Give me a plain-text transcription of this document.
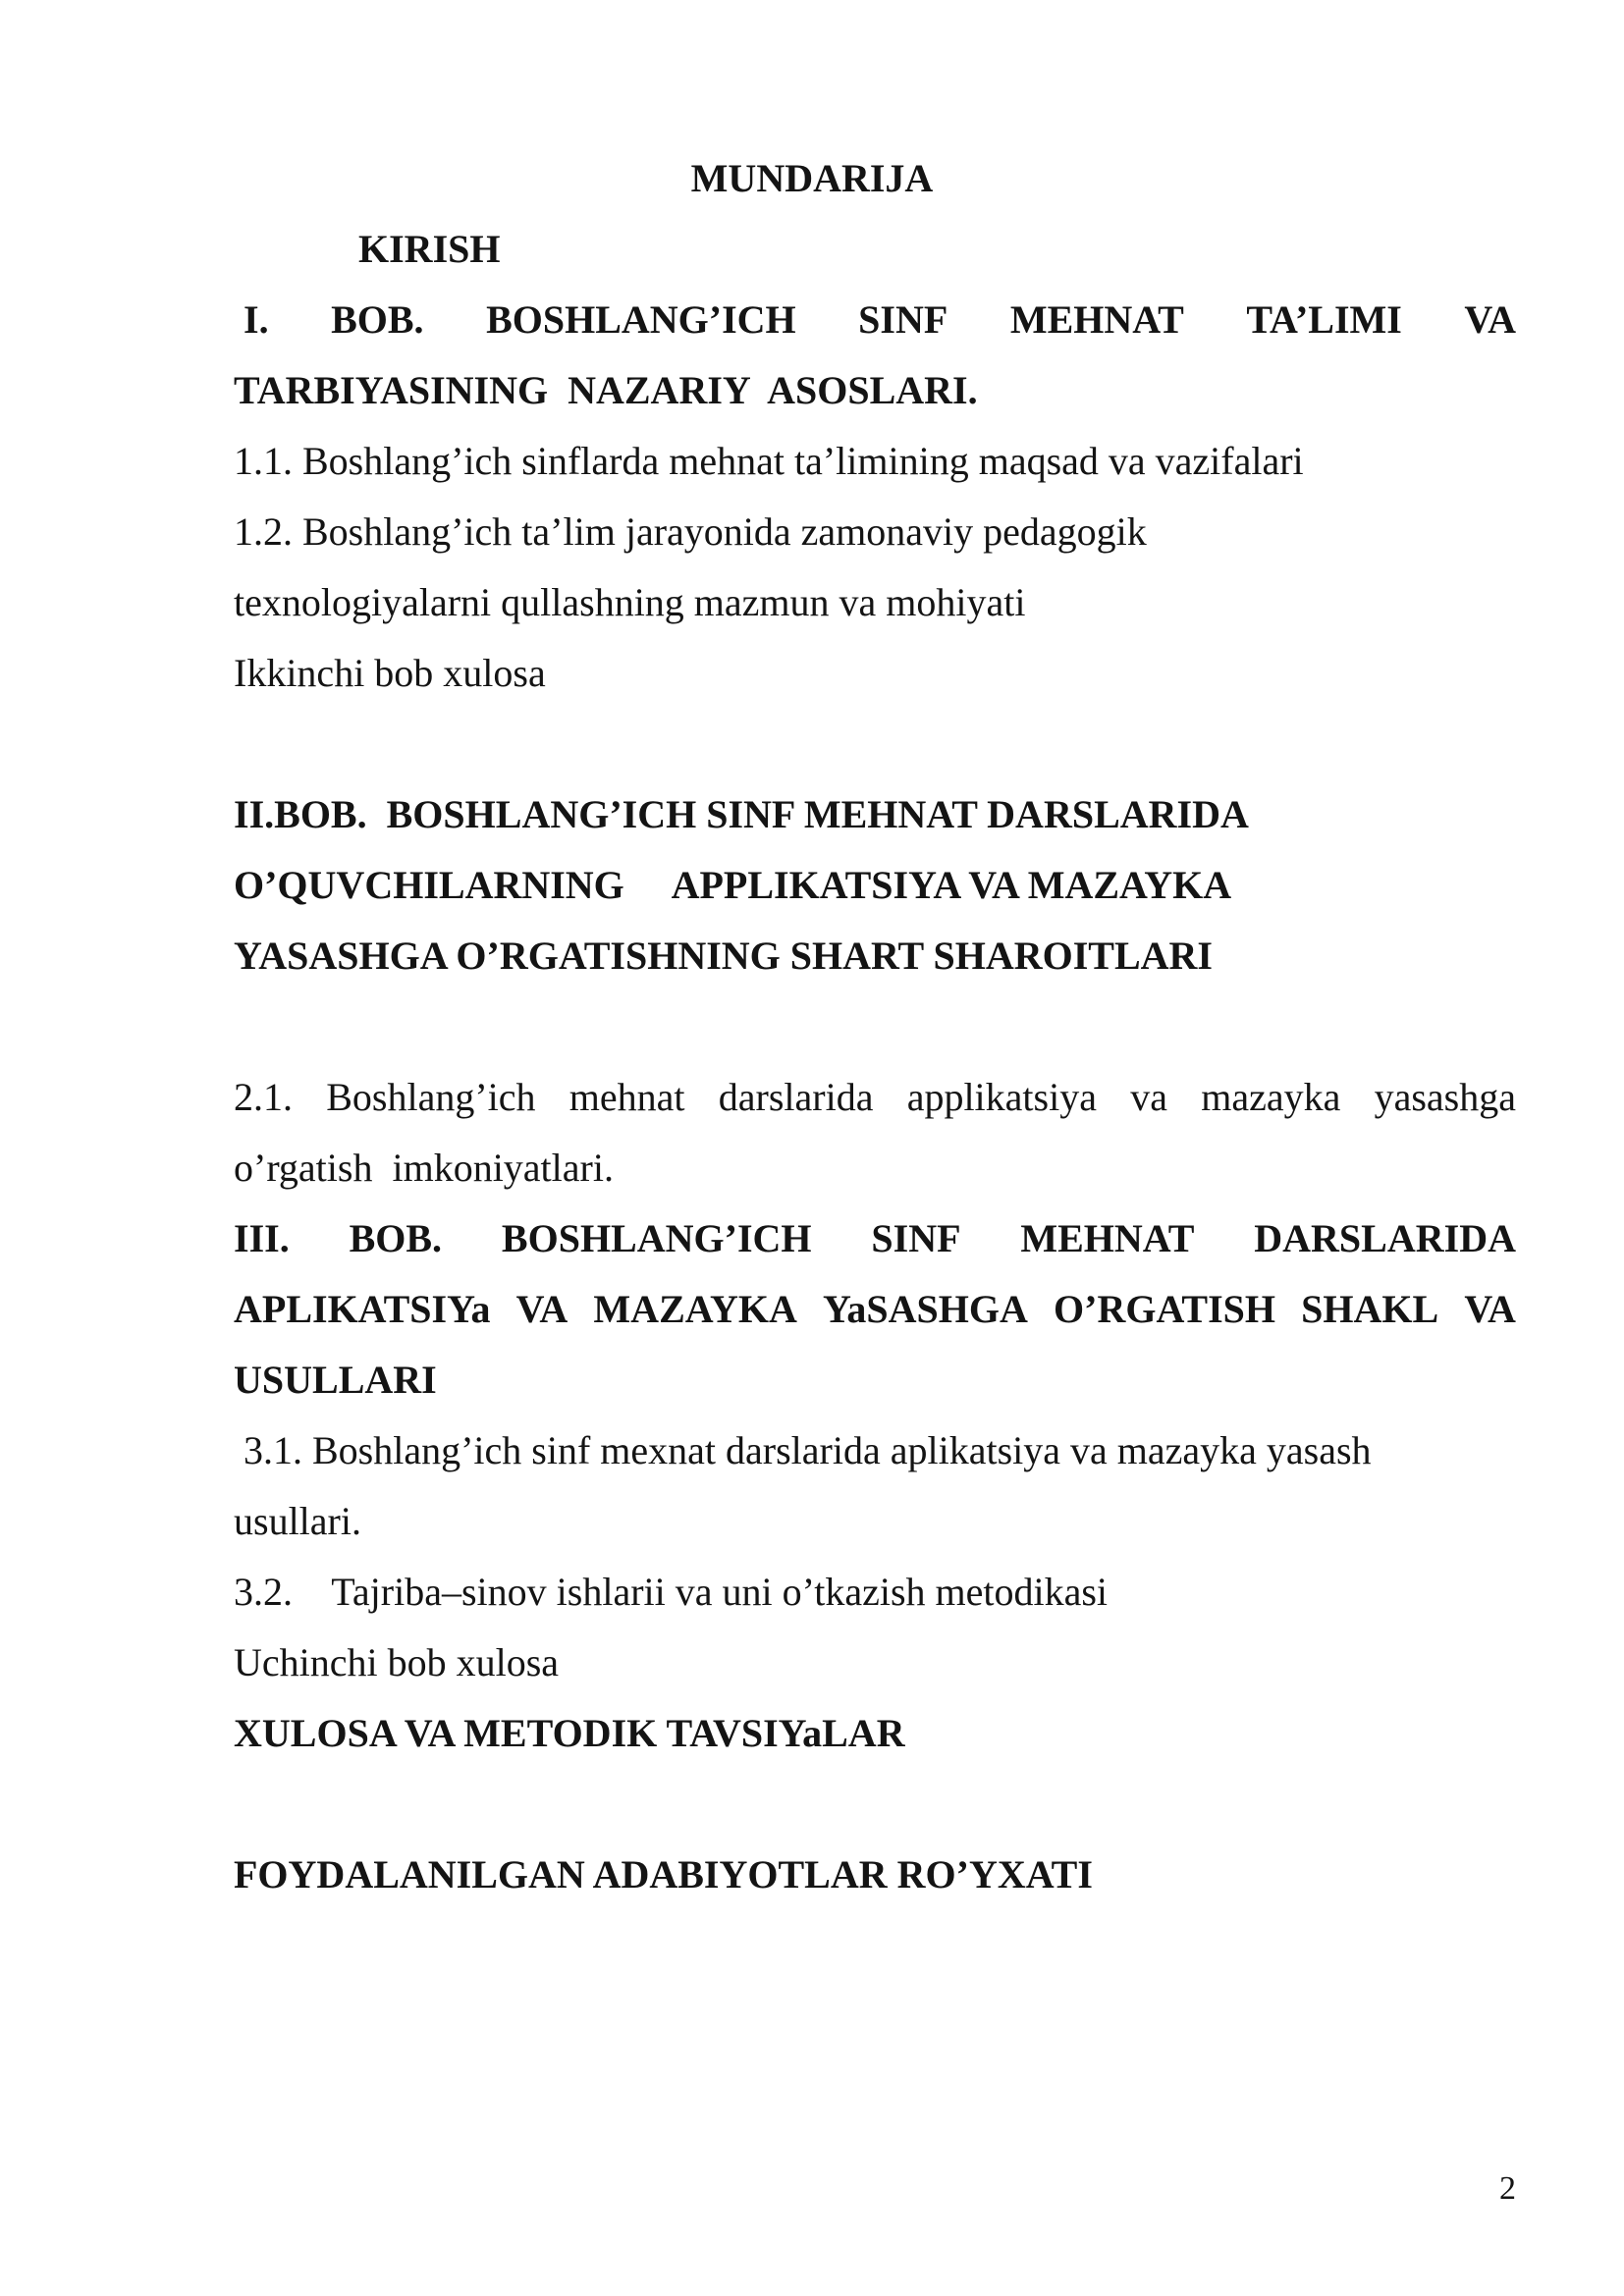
MUNDARIJA
KIRISH
I. BOB. BOSHLANG’ICH SINF MEHNAT TA’LIMI VA
TARBIYASINING  NAZARIY  ASOSLARI.
1.1. Boshlang’ich sinflarda mehnat ta’limining maqsad va vazifalari
1.2. Boshlang’ich ta’lim jarayonida zamonaviy pedagogik
texnologiyalarni qullashning mazmun va mohiyati
Ikkinchi bob xulosa
II.BOB.  BOSHLANG’ICH SINF MEHNAT DARSLARIDA
O’QUVCHILARNING     APPLIKATSIYA VA MAZAYKA
YASASHGA O’RGATISHNING SHART SHAROITLARI
2.1. Boshlang’ich mehnat darslarida applikatsiya va mazayka yasashga
o’rgatish  imkoniyatlari.
III. BOB. BOSHLANG’ICH SINF MEHNAT DARSLARIDA
APLIKATSIYa VA MAZAYKA YaSASHGA O’RGATISH SHAKL VA
USULLARI
3.1. Boshlang’ich sinf mexnat darslarida aplikatsiya va mazayka yasash
usullari.
3.2.    Tajriba–sinov ishlarii va uni o’tkazish metodikasi
Uchinchi bob xulosa
XULOSA VA METODIK TAVSIYaLAR
FOYDALANILGAN ADABIYOTLAR RO’YXATI
2
